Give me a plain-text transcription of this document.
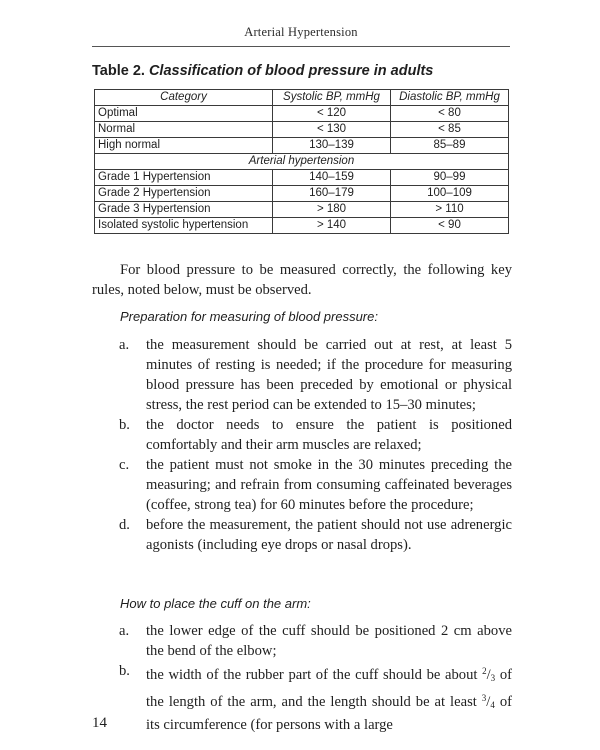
Arterial Hypertension
Table 2. Classification of blood pressure in adults
Category	Systolic BP, mmHg	Diastolic BP, mmHg
Optimal	< 120	< 80
Normal	< 130	< 85
High normal	130–139	85–89
Arterial hypertension		
Grade 1 Hypertension	140–159	90–99
Grade 2 Hypertension	160–179	100–109
Grade 3 Hypertension	> 180	> 110
Isolated systolic hypertension	> 140	< 90

For blood pressure to be measured correctly, the following key rules, noted below, must be observed.

Preparation for measuring of blood pressure:
a.	the measurement should be carried out at rest, at least 5 minutes of resting is needed; if the procedure for measuring blood pressure has been preceded by emotional or physical stress, the rest period can be extended to 15–30 minutes;
b.	the doctor needs to ensure the patient is positioned comfortably and their arm muscles are relaxed;
c.	the patient must not smoke in the 30 minutes preceding the measuring; and refrain from consuming caffeinated beverages (coffee, strong tea) for 60 minutes before the procedure;
d.	before the measurement, the patient should not use adrenergic agonists (including eye drops or nasal drops).
How to place the cuff on the arm:
a.	the lower edge of the cuff should be positioned 2 cm above the bend of the elbow;
b.	the width of the rubber part of the cuff should be about $^2/_3$ of the length of the arm, and the length should be at least $^3/_4$ of its circumference (for persons with a large
14
